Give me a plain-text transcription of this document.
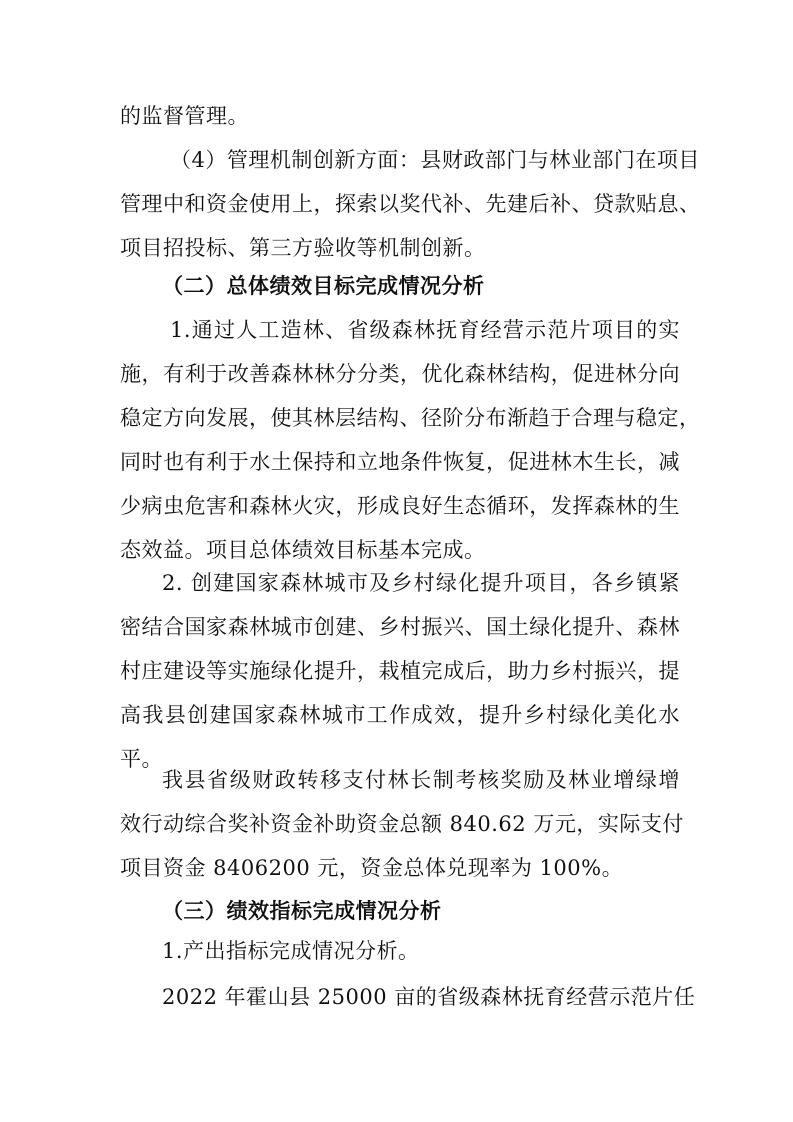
的监督管理。
（4）管理机制创新方面：县财政部门与林业部门在项目
管理中和资金使用上，探索以奖代补、先建后补、贷款贴息、
项目招投标、第三方验收等机制创新。
（二）总体绩效目标完成情况分析
1.通过人工造林、省级森林抚育经营示范片项目的实
施，有利于改善森林林分分类，优化森林结构，促进林分向
稳定方向发展，使其林层结构、径阶分布渐趋于合理与稳定，
同时也有利于水土保持和立地条件恢复，促进林木生长，减
少病虫危害和森林火灾，形成良好生态循环，发挥森林的生
态效益。项目总体绩效目标基本完成。
2. 创建国家森林城市及乡村绿化提升项目，各乡镇紧
密结合国家森林城市创建、乡村振兴、国土绿化提升、森林
村庄建设等实施绿化提升，栽植完成后，助力乡村振兴，提
高我县创建国家森林城市工作成效，提升乡村绿化美化水
平。
我县省级财政转移支付林长制考核奖励及林业增绿增
效行动综合奖补资金补助资金总额 840.62 万元，实际支付
项目资金 8406200 元，资金总体兑现率为 100%。
（三）绩效指标完成情况分析
1.产出指标完成情况分析。
2022 年霍山县 25000 亩的省级森林抚育经营示范片任
